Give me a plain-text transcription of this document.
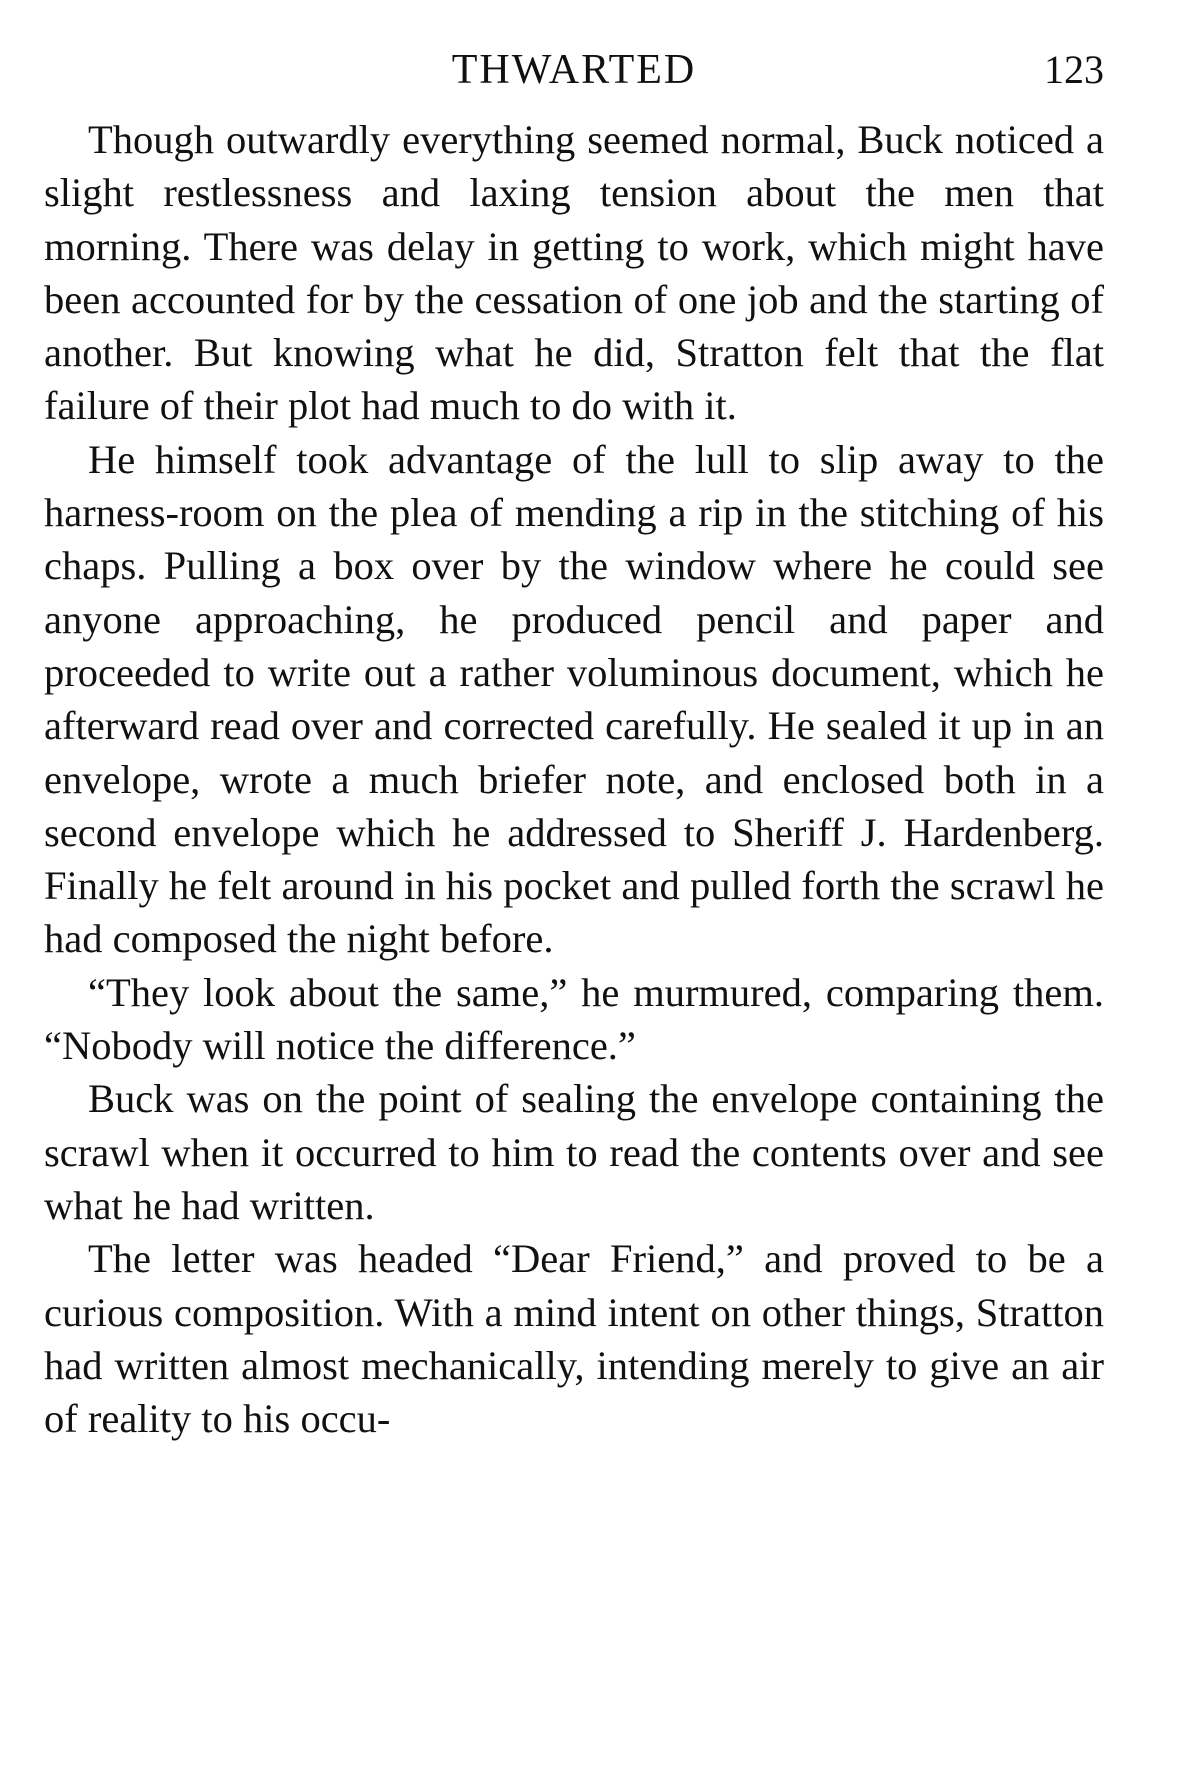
THWARTED	123

Though outwardly everything seemed normal, Buck noticed a slight restlessness and laxing tension about the men that morning. There was delay in getting to work, which might have been accounted for by the cessation of one job and the starting of another. But knowing what he did, Stratton felt that the flat failure of their plot had much to do with it.

He himself took advantage of the lull to slip away to the harness-room on the plea of mending a rip in the stitching of his chaps. Pulling a box over by the window where he could see anyone approaching, he produced pencil and paper and proceeded to write out a rather voluminous document, which he afterward read over and corrected carefully. He sealed it up in an envelope, wrote a much briefer note, and enclosed both in a second envelope which he addressed to Sheriff J. Hardenberg. Finally he felt around in his pocket and pulled forth the scrawl he had composed the night before.

“They look about the same,” he murmured, comparing them. “Nobody will notice the difference.”

Buck was on the point of sealing the envelope containing the scrawl when it occurred to him to read the contents over and see what he had written.

The letter was headed “Dear Friend,” and proved to be a curious composition. With a mind intent on other things, Stratton had written almost mechanically, intending merely to give an air of reality to his occu-
